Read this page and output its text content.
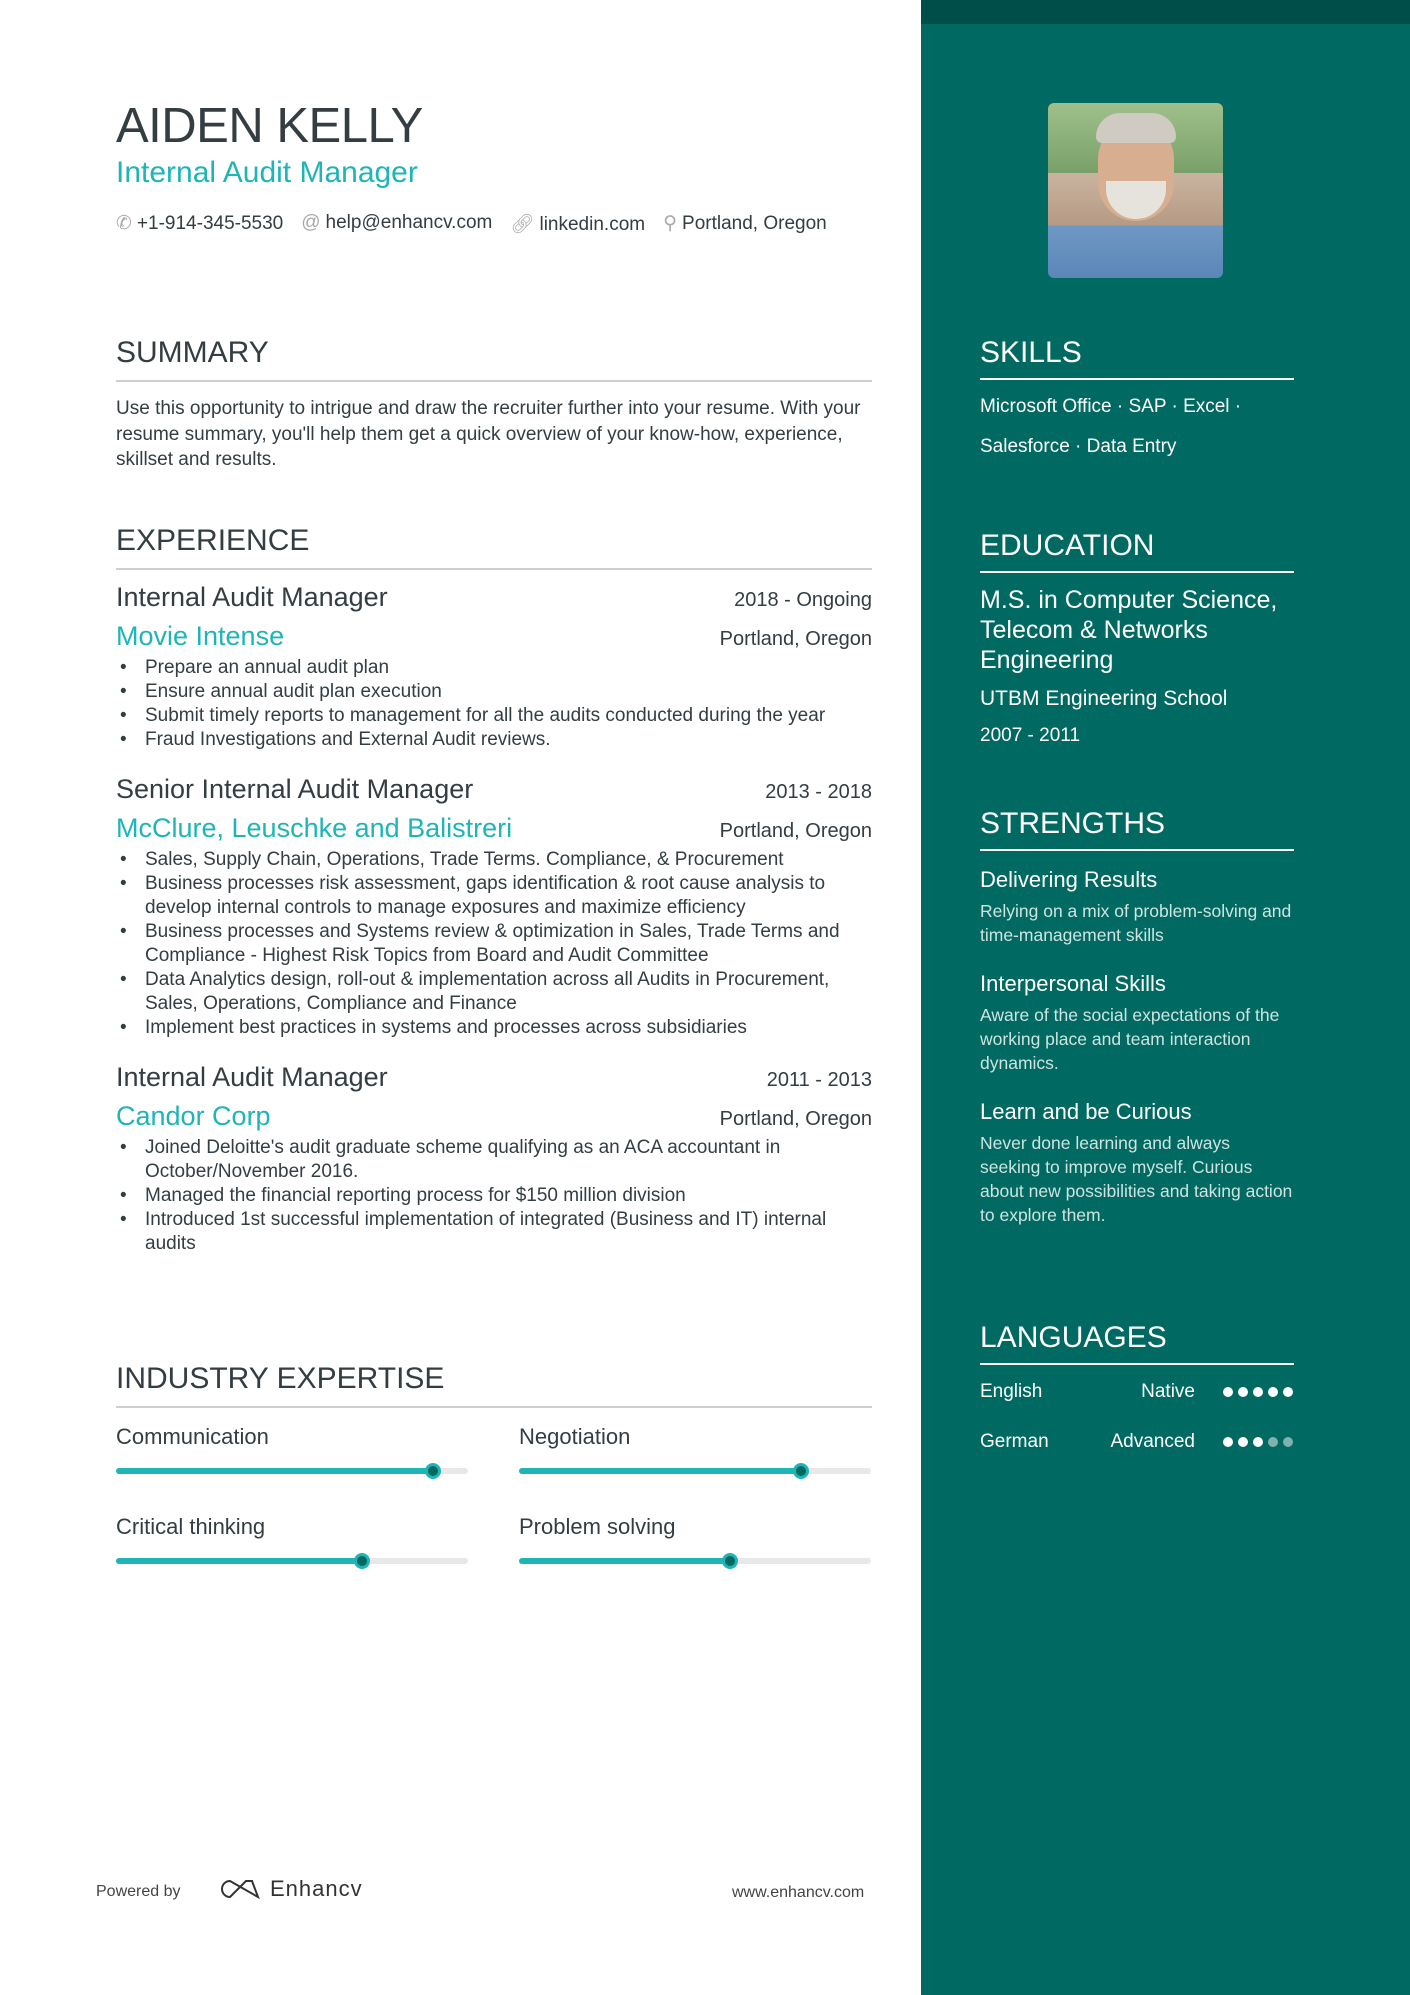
AIDEN KELLY
Internal Audit Manager
✆ +1-914-345-5530 @ help@enhancv.com 🔗︎ linkedin.com ⚲ Portland, Oregon
SUMMARY
Use this opportunity to intrigue and draw the recruiter further into your resume. With your resume summary, you'll help them get a quick overview of your know-how, experience, skillset and results.
EXPERIENCE
Internal Audit Manager	2018 - Ongoing
Movie Intense	Portland, Oregon
• Prepare an annual audit plan
• Ensure annual audit plan execution
• Submit timely reports to management for all the audits conducted during the year
• Fraud Investigations and External Audit reviews.
Senior Internal Audit Manager	2013 - 2018
McClure, Leuschke and Balistreri	Portland, Oregon
• Sales, Supply Chain, Operations, Trade Terms. Compliance, & Procurement
• Business processes risk assessment, gaps identification & root cause analysis to develop internal controls to manage exposures and maximize efficiency
• Business processes and Systems review & optimization in Sales, Trade Terms and Compliance - Highest Risk Topics from Board and Audit Committee
• Data Analytics design, roll-out & implementation across all Audits in Procurement, Sales, Operations, Compliance and Finance
• Implement best practices in systems and processes across subsidiaries
Internal Audit Manager	2011 - 2013
Candor Corp	Portland, Oregon
• Joined Deloitte's audit graduate scheme qualifying as an ACA accountant in October/November 2016.
• Managed the financial reporting process for $150 million division
• Introduced 1st successful implementation of integrated (Business and IT) internal audits
INDUSTRY EXPERTISE
Communication	Negotiation
Critical thinking	Problem solving
Powered by	Enhancv	www.enhancv.com
SKILLS
Microsoft Office · SAP · Excel ·
Salesforce · Data Entry
EDUCATION
M.S. in Computer Science, Telecom & Networks Engineering
UTBM Engineering School
2007 - 2011
STRENGTHS
Delivering Results
Relying on a mix of problem-solving and time-management skills
Interpersonal Skills
Aware of the social expectations of the working place and team interaction dynamics.
Learn and be Curious
Never done learning and always seeking to improve myself. Curious about new possibilities and taking action to explore them.
LANGUAGES
English	Native
German	Advanced
